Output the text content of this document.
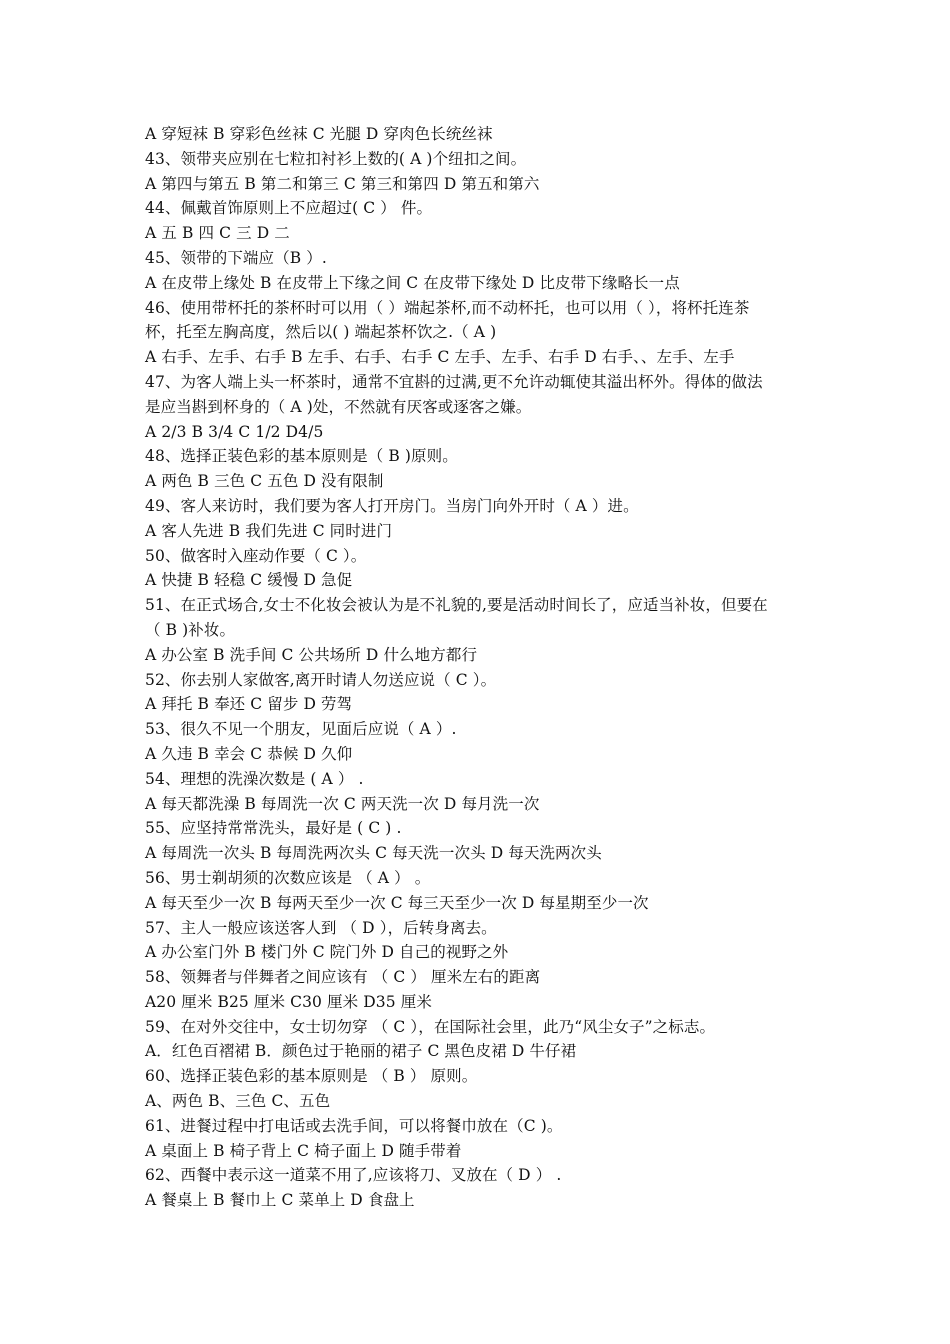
A 穿短袜 B 穿彩色丝袜 C 光腿 D 穿肉色长统丝袜
43、领带夹应别在七粒扣衬衫上数的( A )个纽扣之间。
A 第四与第五 B 第二和第三 C 第三和第四 D 第五和第六
44、佩戴首饰原则上不应超过( C ） 件。
A 五 B 四 C 三 D 二
45、领带的下端应（B ）.
A 在皮带上缘处 B 在皮带上下缘之间 C 在皮带下缘处 D 比皮带下缘略长一点
46、使用带杯托的茶杯时可以用（ ）端起茶杯,而不动杯托，也可以用（ ），将杯托连茶
杯，托至左胸高度，然后以( ) 端起茶杯饮之.（ A )
A 右手、左手、右手 B 左手、右手、右手 C 左手、左手、右手 D 右手、、左手、左手
47、为客人端上头一杯茶时，通常不宜斟的过满,更不允许动辄使其溢出杯外。得体的做法
是应当斟到杯身的（ A )处，不然就有厌客或逐客之嫌。
A 2/3 B 3/4 C 1/2 D4/5
48、选择正装色彩的基本原则是（ B )原则。
A 两色 B 三色 C 五色 D 没有限制
49、客人来访时，我们要为客人打开房门。当房门向外开时（ A ）进。
A 客人先进 B 我们先进 C 同时进门
50、做客时入座动作要（ C ）。
A 快捷 B 轻稳 C 缓慢 D 急促
51、在正式场合,女士不化妆会被认为是不礼貌的,要是活动时间长了，应适当补妆，但要在
（ B )补妆。
A 办公室 B 洗手间 C 公共场所 D 什么地方都行
52、你去别人家做客,离开时请人勿送应说（ C ）。
A 拜托 B 奉还 C 留步 D 劳驾
53、很久不见一个朋友，见面后应说（ A ）.
A 久违 B 幸会 C 恭候 D 久仰
54、理想的洗澡次数是 ( A ） .
A 每天都洗澡 B 每周洗一次 C 两天洗一次 D 每月洗一次
55、应坚持常常洗头，最好是 ( C ) .
A 每周洗一次头 B 每周洗两次头 C 每天洗一次头 D 每天洗两次头
56、男士剃胡须的次数应该是 （ A ） 。
A 每天至少一次 B 每两天至少一次 C 每三天至少一次 D 每星期至少一次
57、主人一般应该送客人到 （ D ），后转身离去。
A 办公室门外 B 楼门外 C 院门外 D 自己的视野之外
58、领舞者与伴舞者之间应该有 （ C ） 厘米左右的距离
A20 厘米 B25 厘米 C30 厘米 D35 厘米
59、在对外交往中，女士切勿穿 （ C ），在国际社会里，此乃“风尘女子”之标志。
A．红色百褶裙 B．颜色过于艳丽的裙子 C 黑色皮裙 D 牛仔裙
60、选择正装色彩的基本原则是 （ B ） 原则。
A、两色 B、三色 C、五色
61、进餐过程中打电话或去洗手间，可以将餐巾放在（C )。
A 桌面上 B 椅子背上 C 椅子面上 D 随手带着
62、西餐中表示这一道菜不用了,应该将刀、叉放在（ D ） .
A 餐桌上 B 餐巾上 C 菜单上 D 食盘上
